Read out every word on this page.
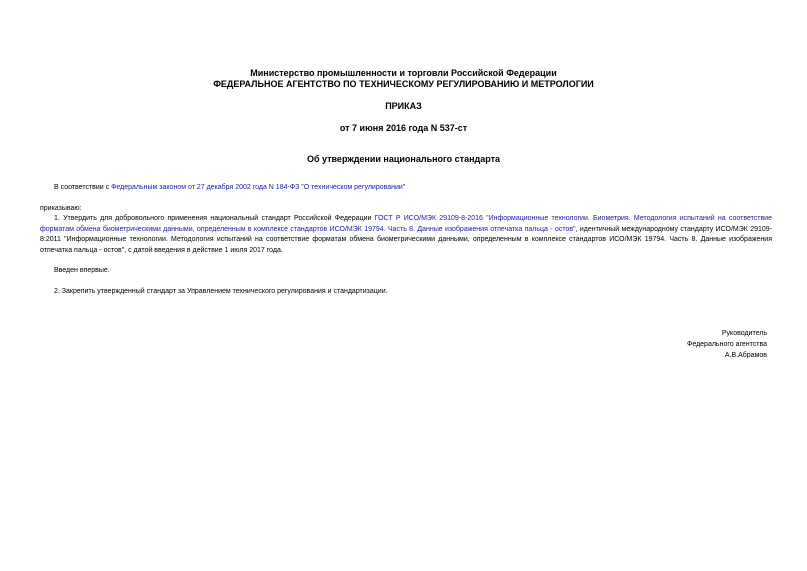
Министерство промышленности и торговли Российской Федерации
ФЕДЕРАЛЬНОЕ АГЕНТСТВО ПО ТЕХНИЧЕСКОМУ РЕГУЛИРОВАНИЮ И МЕТРОЛОГИИ
ПРИКАЗ
от 7 июня 2016 года N 537-ст
Об утверждении национального стандарта
В соответствии с Федеральным законом от 27 декабря 2002 года N 184-ФЗ "О техническом регулировании"
приказываю:
1. Утвердить для добровольного применения национальный стандарт Российской Федерации ГОСТ Р ИСО/МЭК 29109-8-2016 "Информационные технологии. Биометрия. Методология испытаний на соответствие форматам обмена биометрическими данными, определенным в комплексе стандартов ИСО/МЭК 19794. Часть 8. Данные изображения отпечатка пальца - остов", идентичный международному стандарту ИСО/МЭК 29109-8:2011 "Информационные технологии. Методология испытаний на соответствие форматам обмена биометрическими данными, определенным в комплексе стандартов ИСО/МЭК 19794. Часть 8. Данные изображения отпечатка пальца - остов", с датой введения в действие 1 июля 2017 года.
Введен впервые.
2. Закрепить утвержденный стандарт за Управлением технического регулирования и стандартизации.
Руководитель
Федерального агентства
А.В.Абрамов
